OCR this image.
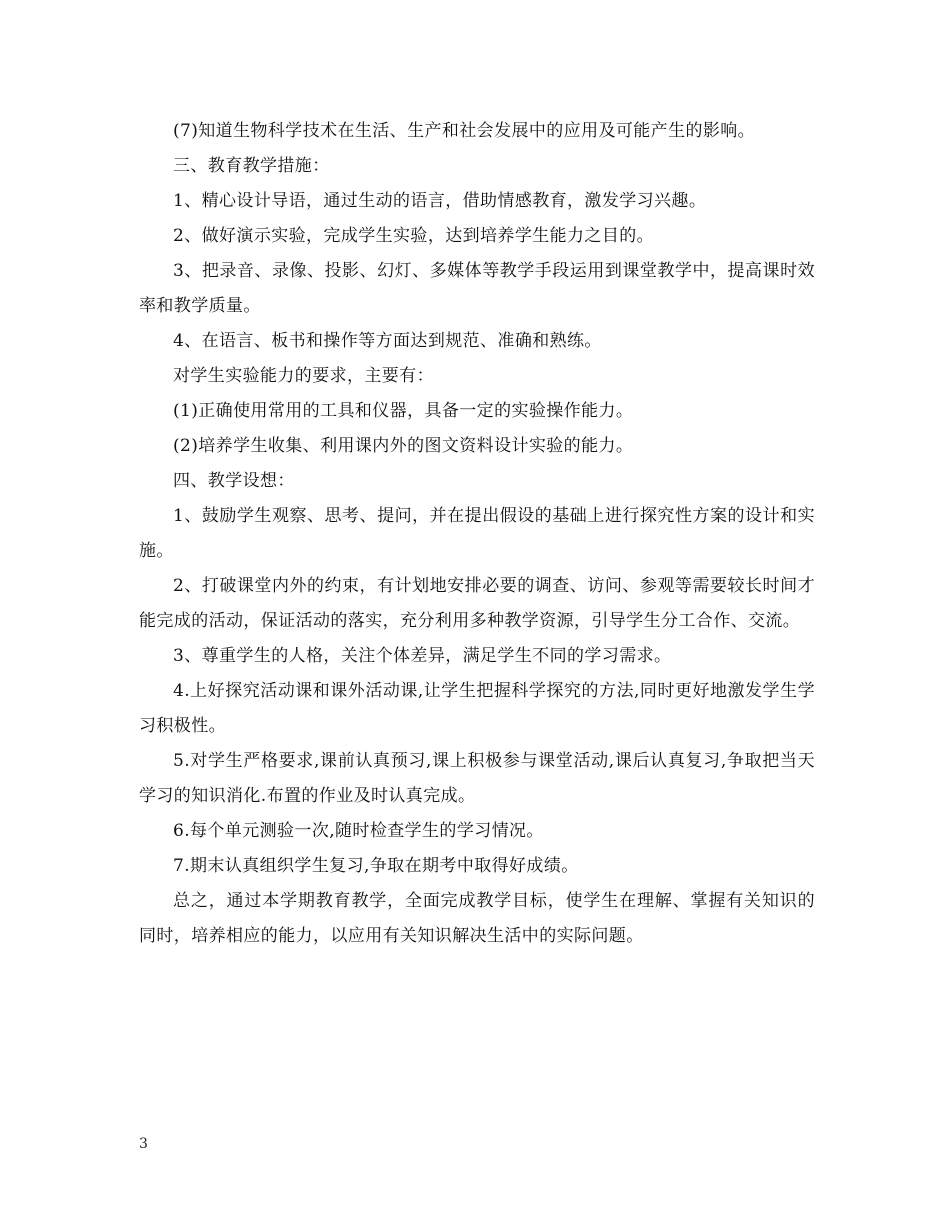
(7)知道生物科学技术在生活、生产和社会发展中的应用及可能产生的影响。

三、教育教学措施：

1、精心设计导语，通过生动的语言，借助情感教育，激发学习兴趣。

2、做好演示实验，完成学生实验，达到培养学生能力之目的。

3、把录音、录像、投影、幻灯、多媒体等教学手段运用到课堂教学中，提高课时效率和教学质量。

4、在语言、板书和操作等方面达到规范、准确和熟练。

对学生实验能力的要求，主要有：

(1)正确使用常用的工具和仪器，具备一定的实验操作能力。

(2)培养学生收集、利用课内外的图文资料设计实验的能力。

四、教学设想：

1、鼓励学生观察、思考、提问，并在提出假设的基础上进行探究性方案的设计和实施。

2、打破课堂内外的约束，有计划地安排必要的调查、访问、参观等需要较长时间才能完成的活动，保证活动的落实，充分利用多种教学资源，引导学生分工合作、交流。

3、尊重学生的人格，关注个体差异，满足学生不同的学习需求。

4.上好探究活动课和课外活动课,让学生把握科学探究的方法,同时更好地激发学生学习积极性。

5.对学生严格要求,课前认真预习,课上积极参与课堂活动,课后认真复习,争取把当天学习的知识消化.布置的作业及时认真完成。

6.每个单元测验一次,随时检查学生的学习情况。

7.期末认真组织学生复习,争取在期考中取得好成绩。

总之，通过本学期教育教学，全面完成教学目标，使学生在理解、掌握有关知识的同时，培养相应的能力，以应用有关知识解决生活中的实际问题。

3
